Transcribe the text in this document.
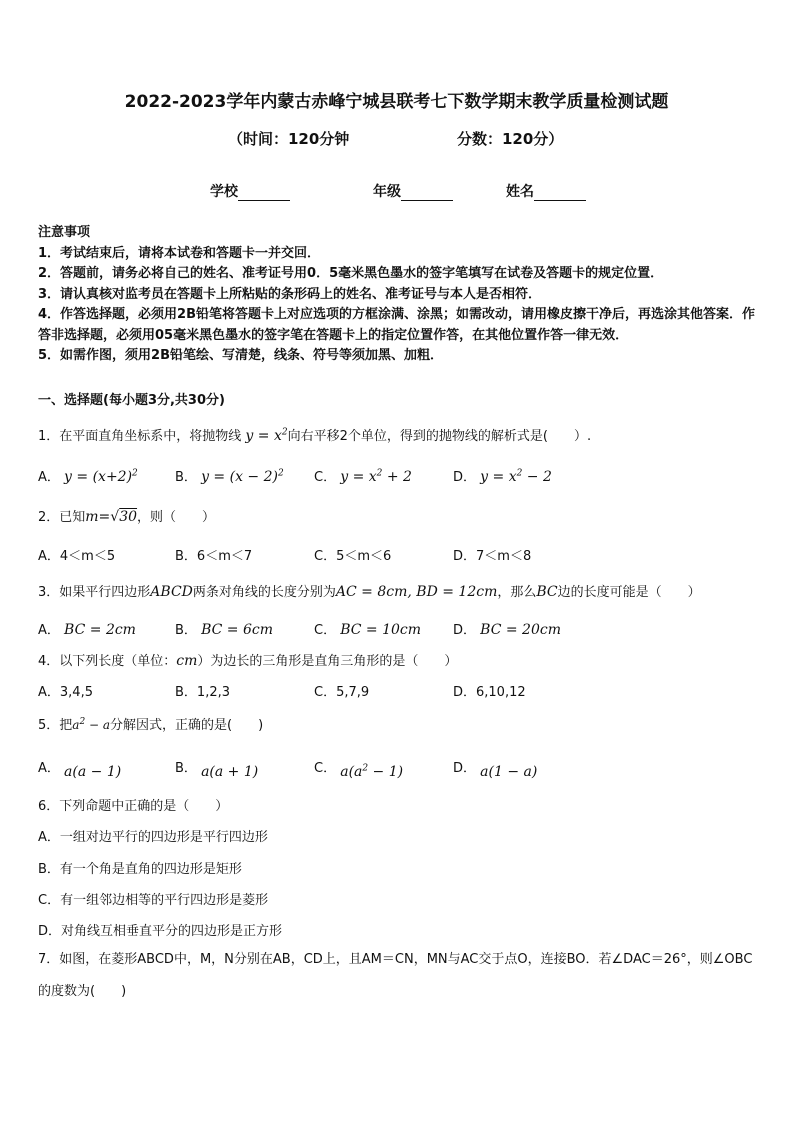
2022-2023学年内蒙古赤峰宁城县联考七下数学期末教学质量检测试题
（时间：120分钟	分数：120分）
学校	年级	姓名
注意事项
1．考试结束后，请将本试卷和答题卡一并交回．
2．答题前，请务必将自己的姓名、准考证号用0．5毫米黑色墨水的签字笔填写在试卷及答题卡的规定位置．
3．请认真核对监考员在答题卡上所粘贴的条形码上的姓名、准考证号与本人是否相符．
4．作答选择题，必须用2B铅笔将答题卡上对应选项的方框涂满、涂黑；如需改动，请用橡皮擦干净后，再选涂其他答案．作答非选择题，必须用05毫米黑色墨水的签字笔在答题卡上的指定位置作答，在其他位置作答一律无效．
5．如需作图，须用2B铅笔绘、写清楚，线条、符号等须加黑、加粗．
一、选择题(每小题3分,共30分)
1．在平面直角坐标系中，将抛物线 $y = x^2$向右平移2个单位，得到的抛物线的解析式是(　　 ）.
A． $y = (x+2)^2$	B． $y = (x - 2)^2$ C． $y = x^2 + 2$	D． $y = x^2 - 2$
2．已知m=√30，则（　　）
A．4＜m＜5	B．6＜m＜7	C．5＜m＜6	D．7＜m＜8
3．如果平行四边形ABCD两条对角线的长度分别为AC = 8cm, BD = 12cm，那么BC边的长度可能是（　　）
A． BC = 2cm	B． BC = 6cm	C． BC = 10cm D． BC = 20cm
4．以下列长度（单位：cm）为边长的三角形是直角三角形的是（　　）
A．3,4,5	B．1,2,3	C．5,7,9	D．6,10,12
5．把$a^2 - a$分解因式，正确的是(　　)
A． a(a − 1)	B． a(a + 1)	C． $a(a^2 - 1)$	D． a(1 − a)
6．下列命题中正确的是（　　）
A．一组对边平行的四边形是平行四边形
B．有一个角是直角的四边形是矩形
C．有一组邻边相等的平行四边形是菱形
D．对角线互相垂直平分的四边形是正方形
7．如图，在菱形ABCD中，M，N分别在AB，CD上，且AM＝CN，MN与AC交于点O，连接BO．若∠DAC＝26°，则∠OBC的度数为(　　)
